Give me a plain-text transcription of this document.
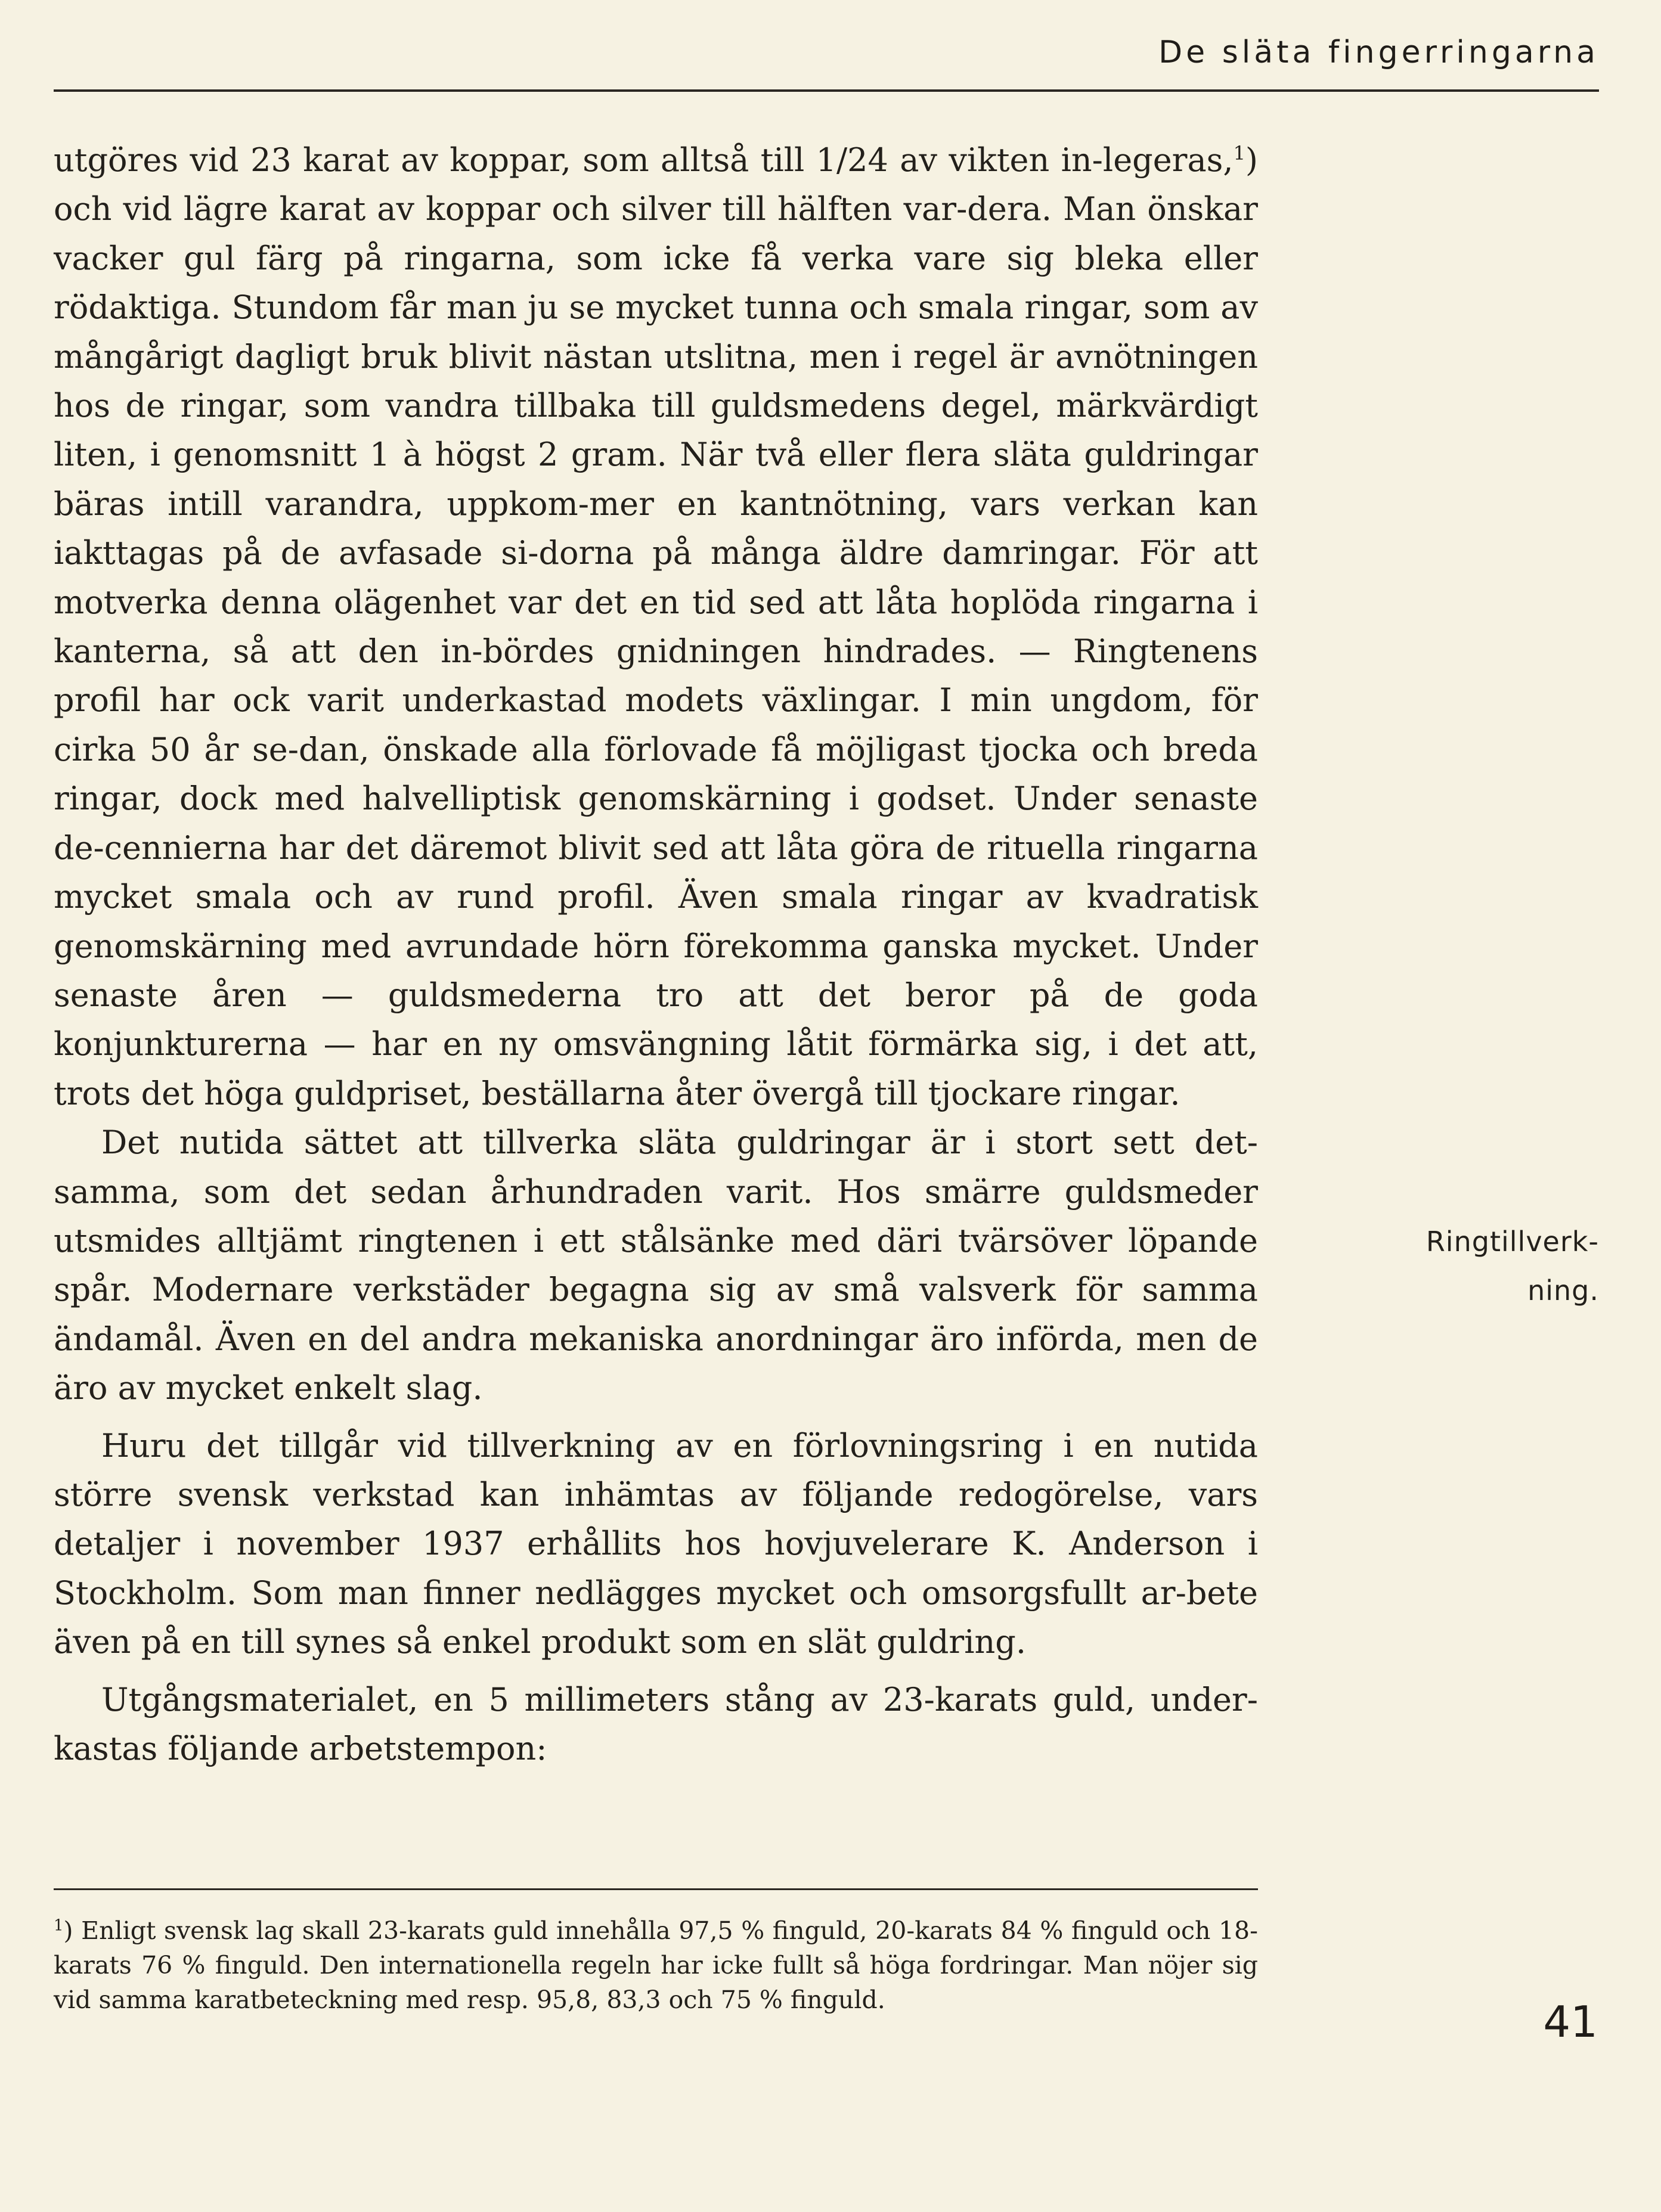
De släta fingerringarna

utgöres vid 23 karat av koppar, som alltså till 1/24 av vikten in-legeras,$^1$) och vid lägre karat av koppar och silver till hälften var-dera. Man önskar vacker gul färg på ringarna, som icke få verka vare sig bleka eller rödaktiga. Stundom får man ju se mycket tunna och smala ringar, som av mångårigt dagligt bruk blivit nästan utslitna, men i regel är avnötningen hos de ringar, som vandra tillbaka till guldsmedens degel, märkvärdigt liten, i genomsnitt 1 à högst 2 gram. När två eller flera släta guldringar bäras intill varandra, uppkom-mer en kantnötning, vars verkan kan iakttagas på de avfasade si-dorna på många äldre damringar. För att motverka denna olägenhet var det en tid sed att låta hoplöda ringarna i kanterna, så att den in-bördes gnidningen hindrades. — Ringtenens profil har ock varit underkastad modets växlingar. I min ungdom, för cirka 50 år se-dan, önskade alla förlovade få möjligast tjocka och breda ringar, dock med halvelliptisk genomskärning i godset. Under senaste de-cennierna har det däremot blivit sed att låta göra de rituella ringarna mycket smala och av rund profil. Även smala ringar av kvadratisk genomskärning med avrundade hörn förekomma ganska mycket. Under senaste åren — guldsmederna tro att det beror på de goda konjunkturerna — har en ny omsvängning låtit förmärka sig, i det att, trots det höga guldpriset, beställarna åter övergå till tjockare ringar.

Det nutida sättet att tillverka släta guldringar är i stort sett det-samma, som det sedan århundraden varit. Hos smärre guldsmeder utsmides alltjämt ringtenen i ett stålsänke med däri tvärsöver löpande spår. Modernare verkstäder begagna sig av små valsverk för samma ändamål. Även en del andra mekaniska anordningar äro införda, men de äro av mycket enkelt slag.

Huru det tillgår vid tillverkning av en förlovningsring i en nutida större svensk verkstad kan inhämtas av följande redogörelse, vars detaljer i november 1937 erhållits hos hovjuvelerare K. Anderson i Stockholm. Som man finner nedlägges mycket och omsorgsfullt ar-bete även på en till synes så enkel produkt som en slät guldring.

Utgångsmaterialet, en 5 millimeters stång av 23-karats guld, under-kastas följande arbetstempon:

Ringtillverk-
ning.

$^1$) Enligt svensk lag skall 23-karats guld innehålla 97,5 % finguld, 20-karats 84 % finguld och 18-karats 76 % finguld. Den internationella regeln har icke fullt så höga fordringar. Man nöjer sig vid samma karatbeteckning med resp. 95,8, 83,3 och 75 % finguld.	41
